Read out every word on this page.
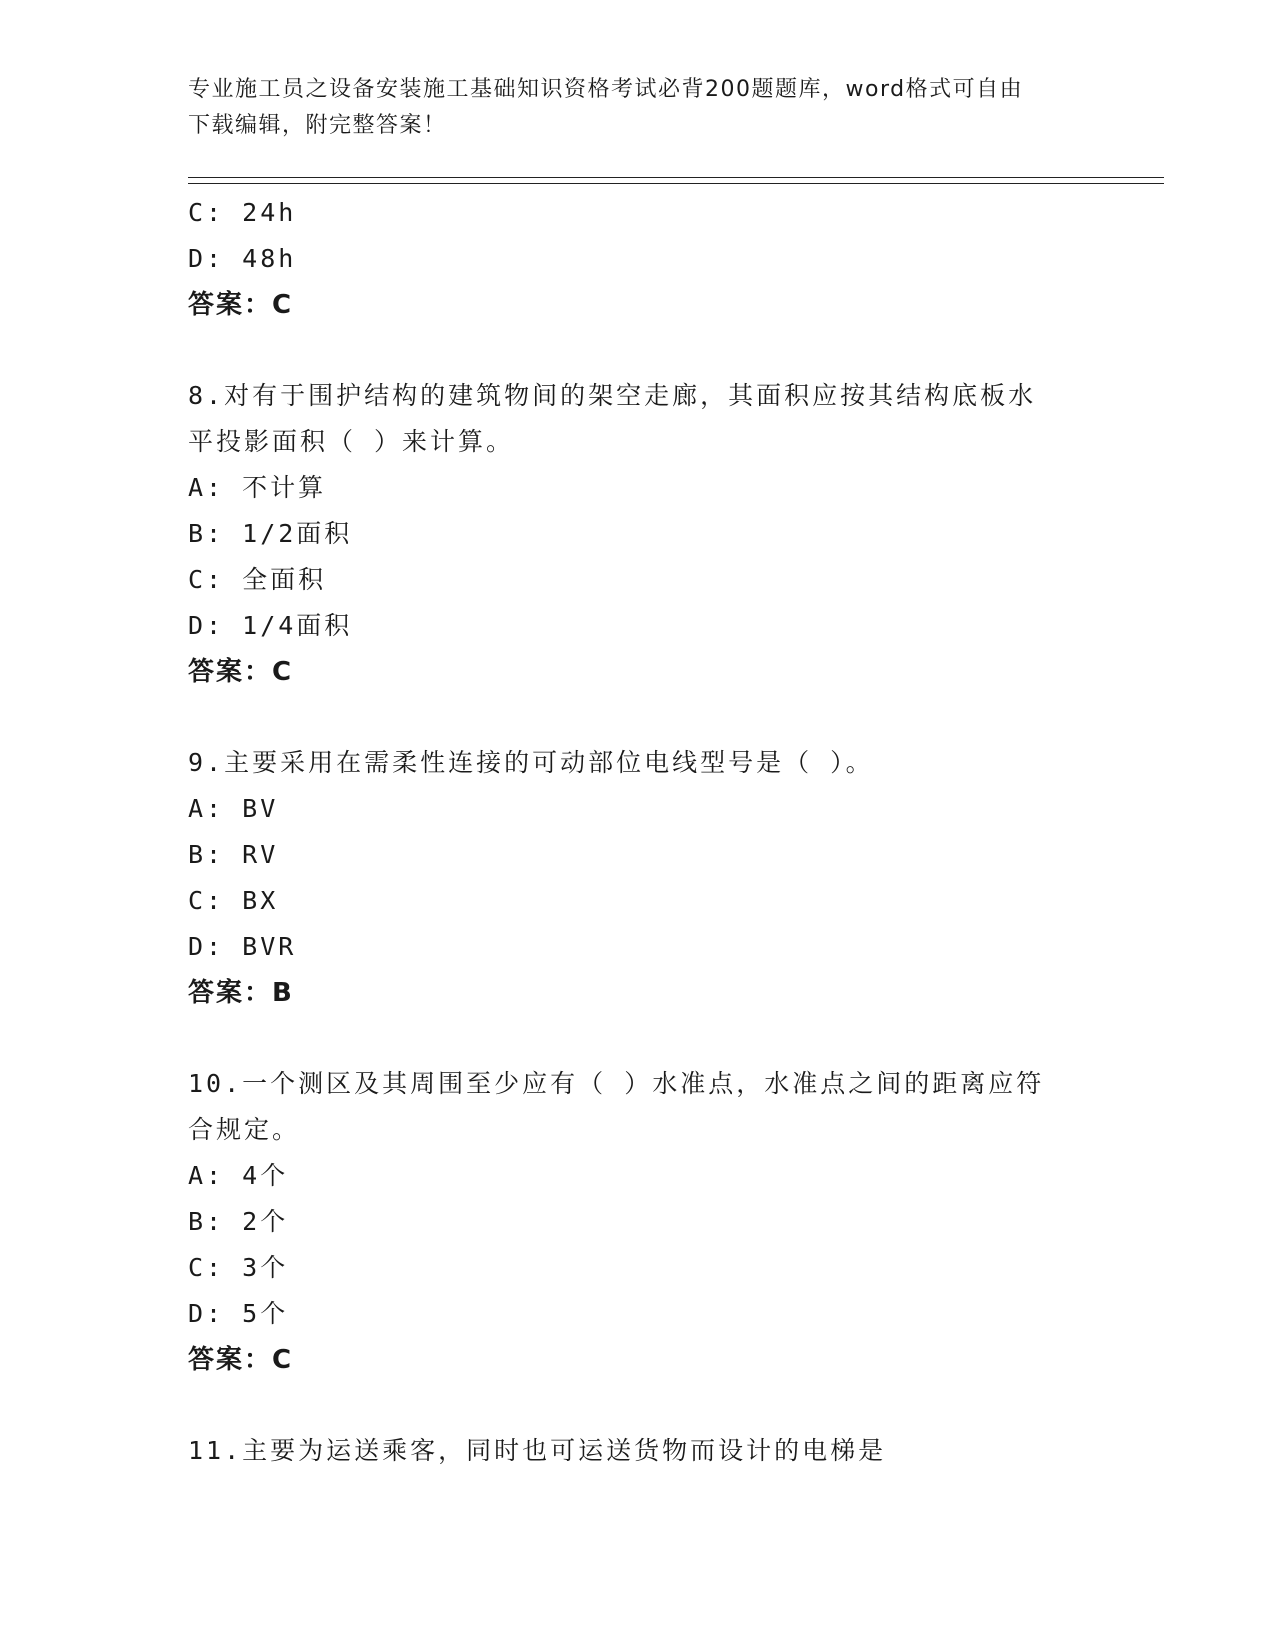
专业施工员之设备安装施工基础知识资格考试必背200题题库，word格式可自由
下载编辑，附完整答案！
C: 24h
D: 48h
答案：C
8.对有于围护结构的建筑物间的架空走廊，其面积应按其结构底板水
平投影面积（ ）来计算。
A: 不计算
B: 1/2面积
C: 全面积
D: 1/4面积
答案：C
9.主要采用在需柔性连接的可动部位电线型号是（ ）。
A: BV
B: RV
C: BX
D: BVR
答案：B
10.一个测区及其周围至少应有（ ）水准点，水准点之间的距离应符
合规定。
A: 4个
B: 2个
C: 3个
D: 5个
答案：C
11.主要为运送乘客，同时也可运送货物而设计的电梯是
